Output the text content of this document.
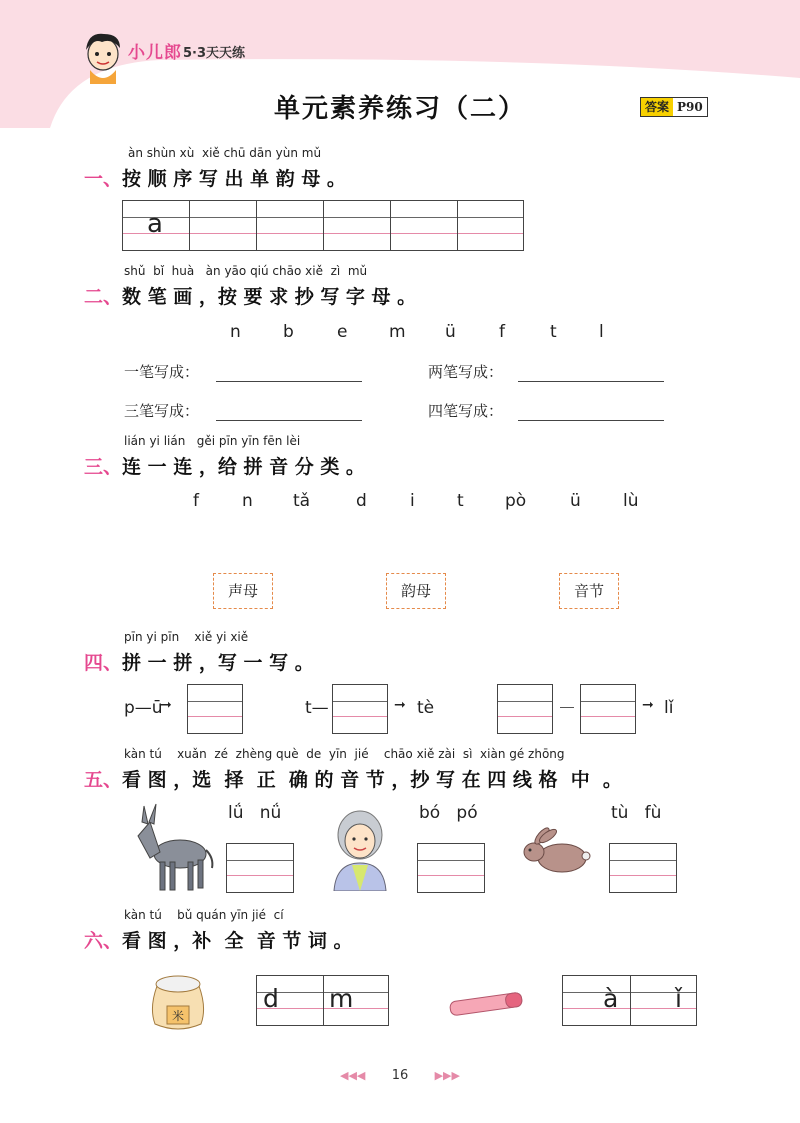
小儿郎 5·3天天练
单元素养练习（二）	答案 P90
àn shùn xù  xiě chū dān yùn mǔ
一、按 顺 序 写 出 单 韵 母 。
a
shǔ  bǐ  huà   àn yāo qiú chāo xiě  zì  mǔ
二、数 笔 画 ，按 要 求 抄 写 字 母 。
n b	e m ü	f	t l
一笔写成：	两笔写成：
三笔写成：	四笔写成：
lián yi lián   gěi pīn yīn fēn lèi
三、连 一 连 ，给 拼 音 分 类 。
f	n tǎ	d	i t pò	ü lù
声母	韵母	音节
pīn yi pīn    xiě yi xiě
四、拼 一 拼 ，写 一 写 。
p—ū
➞	t—	➞ tè	➞ lǐ
kàn tú    xuǎn  zé  zhèng què  de  yīn  jié    chāo xiě zài  sì  xiàn gé zhōng
五、看 图 ，选  择  正  确 的 音 节 ，抄 写 在 四 线 格  中  。
lǘ   nǘ	bó   pó	tù   fù
kàn tú    bǔ quán yīn jié  cí
六、看 图 ，补  全  音 节 词 。
米
d m	à ǐ
◀◀◀ 16 ▶▶▶
